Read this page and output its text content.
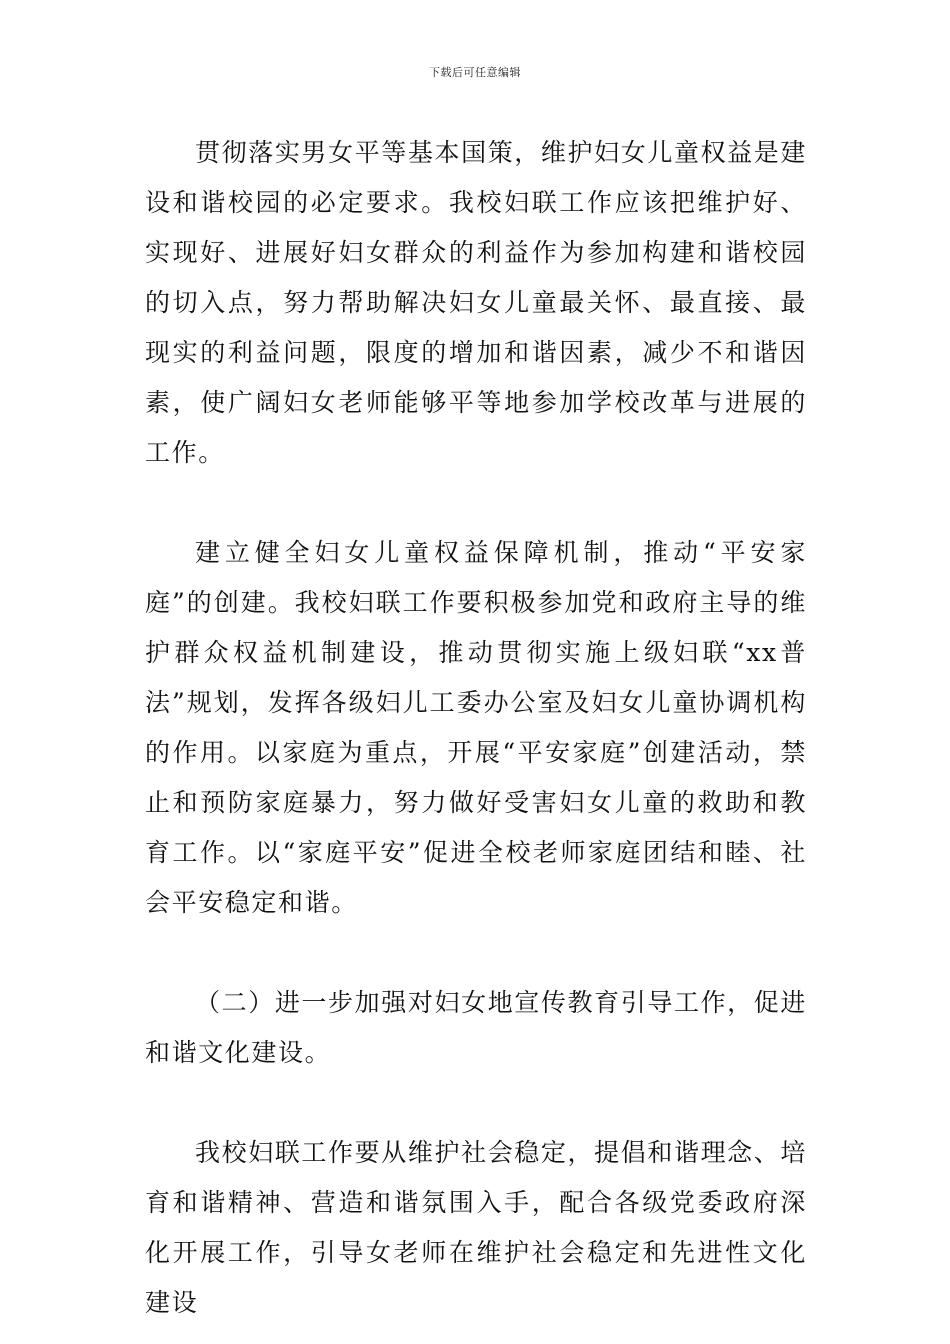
下载后可任意编辑

贯彻落实男女平等基本国策，维护妇女儿童权益是建设和谐校园的必定要求。我校妇联工作应该把维护好、实现好、进展好妇女群众的利益作为参加构建和谐校园的切入点，努力帮助解决妇女儿童最关怀、最直接、最现实的利益问题，限度的增加和谐因素，减少不和谐因素，使广阔妇女老师能够平等地参加学校改革与进展的工作。

建立健全妇女儿童权益保障机制，推动“平安家庭”的创建。我校妇联工作要积极参加党和政府主导的维护群众权益机制建设，推动贯彻实施上级妇联“xx普法”规划，发挥各级妇儿工委办公室及妇女儿童协调机构的作用。以家庭为重点，开展“平安家庭”创建活动，禁止和预防家庭暴力，努力做好受害妇女儿童的救助和教育工作。以“家庭平安”促进全校老师家庭团结和睦、社会平安稳定和谐。

（二）进一步加强对妇女地宣传教育引导工作，促进和谐文化建设。

我校妇联工作要从维护社会稳定，提倡和谐理念、培育和谐精神、营造和谐氛围入手，配合各级党委政府深化开展工作，引导女老师在维护社会稳定和先进性文化建设
